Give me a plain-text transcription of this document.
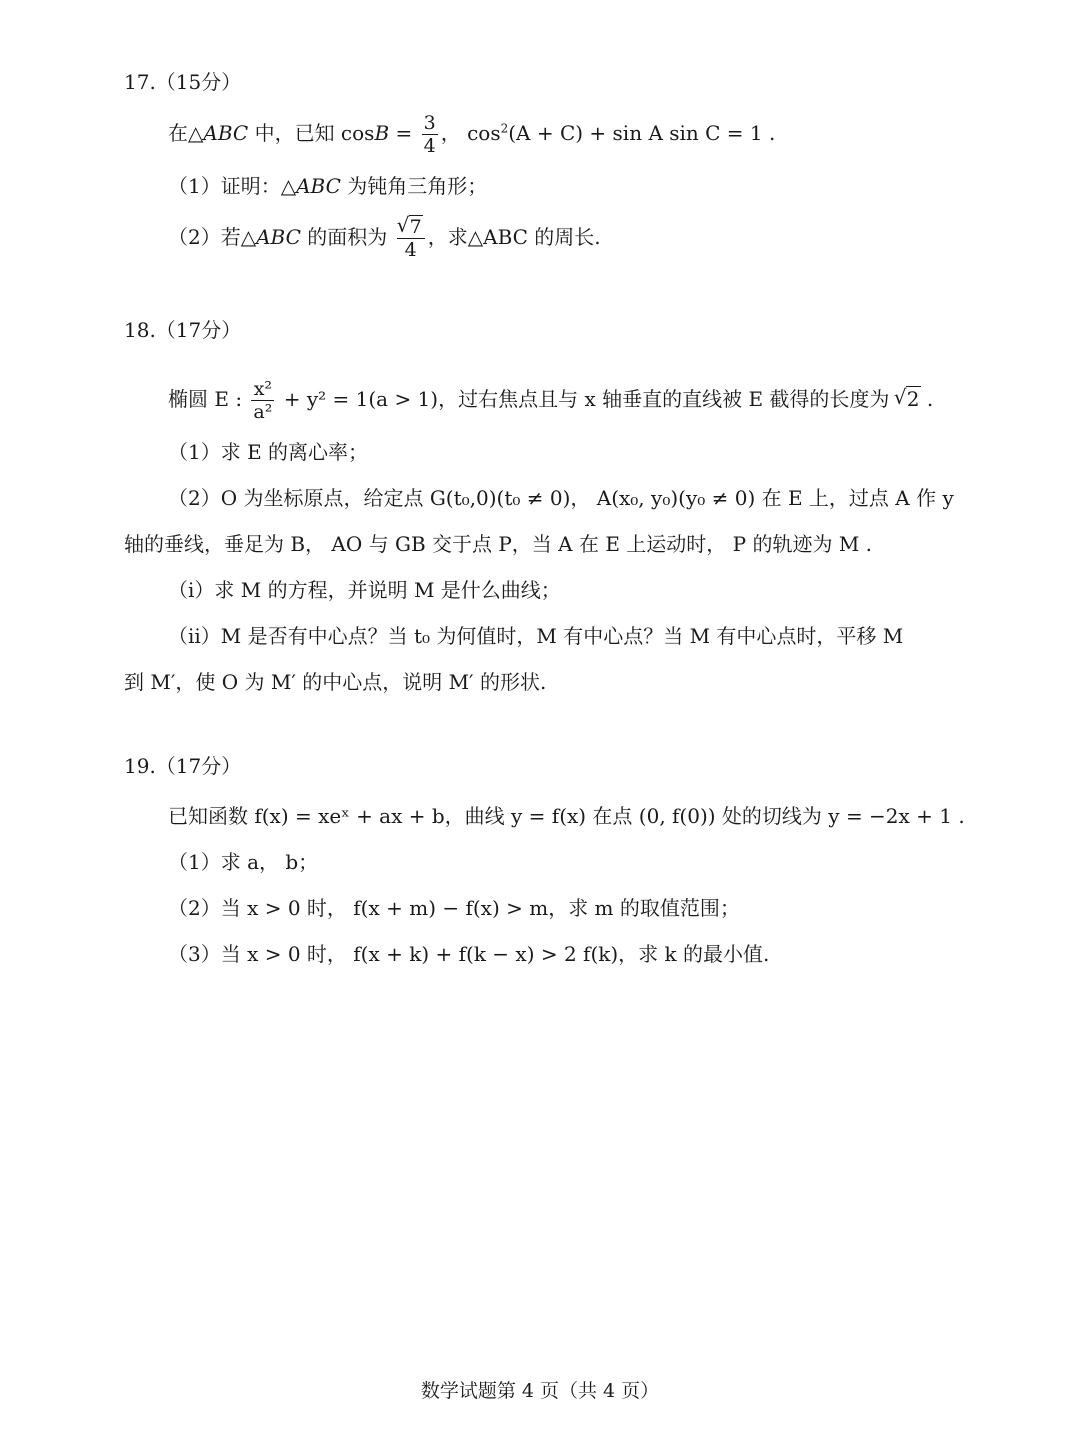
17.（15分）
在△ABC 中，已知 $\cos B = \frac{3}{4}$ ， $\cos^2(A + C) + \sin A$ sin C = 1 .
（1）证明：△ABC 为钝角三角形；
（2）若△ABC 的面积为
√ $\frac{7}{4}$ ，求△ABC 的周长.
18.（17分）
椭圆 E : $\frac{\text{x²}}{\text{a²}} + y^2 = 1(a > 1)$，过右焦点且与 x 轴垂直的直线被 E 截得的长度为 √ 2 .
（1）求 E 的离心率；
（2）O 为坐标原点，给定点 G(t₀,0)(t₀ ≠ 0)， A(x₀, y₀)(y₀ ≠ 0) 在 E 上，过点 A 作 y
轴的垂线，垂足为 B， AO 与 GB 交于点 P，当 A 在 E 上运动时， P 的轨迹为 M .
（ⅰ）求 M 的方程，并说明 M 是什么曲线；
（ⅱ）M 是否有中心点？当 t₀ 为何值时，M 有中心点？当 M 有中心点时，平移 M
到 M′，使 O 为 M′ 的中心点，说明 M′ 的形状.
19.（17分）
已知函数 f(x) = xeˣ + ax + b，曲线 y = f(x) 在点 (0, f(0)) 处的切线为 y = −2x + 1 .
（1）求 a， b；
（2）当 x > 0 时， f(x + m) − f(x) > m，求 m 的取值范围；
（3）当 x > 0 时， f(x + k) + f(k − x) > 2 f(k)，求 k 的最小值.
数学试题第 4 页（共 4 页）
